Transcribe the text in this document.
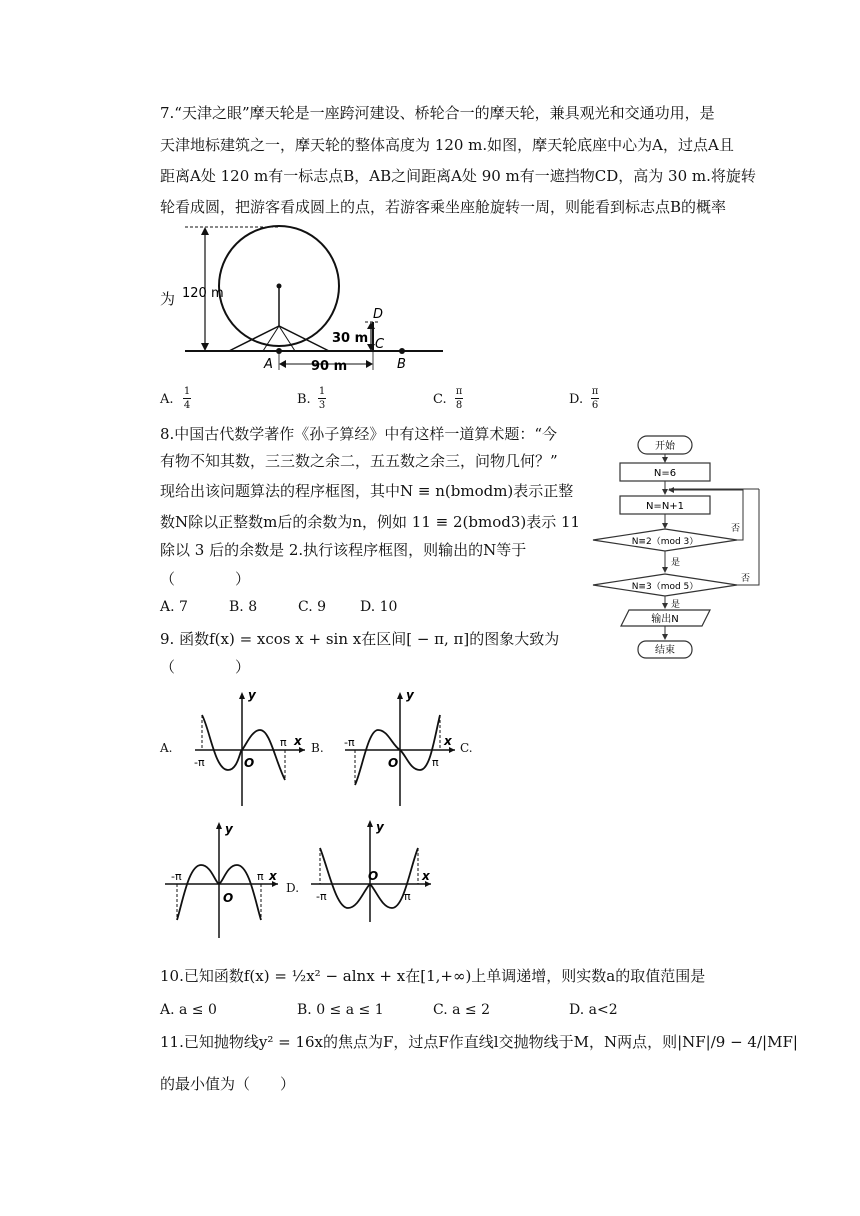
7.“天津之眼”摩天轮是一座跨河建设、桥轮合一的摩天轮，兼具观光和交通功用，是
天津地标建筑之一，摩天轮的整体高度为 120 m.如图，摩天轮底座中心为A，过点A且
距离A处 120 m有一标志点B，AB之间距离A处 90 m有一遮挡物CD，高为 30 m.将旋转
轮看成圆，把游客看成圆上的点，若游客乘坐座舱旋转一周，则能看到标志点B的概率
为 120 m
30 m
90 m
A	B
C
D
A.
1
4	B.
1
3	C.
π
8	D.
π
6
8.中国古代数学著作《孙子算经》中有这样一道算术题：“今
有物不知其数，三三数之余二，五五数之余三，问物几何？”
现给出该问题算法的程序框图，其中N ≡ n(bmodm)表示正整
数N除以正整数m后的余数为n，例如 11 ≡ 2(bmod3)表示 11
除以 3 后的余数是 2.执行该程序框图，则输出的N等于
（　　　　）
A. 7	B. 8	C. 9 D. 10
开始
N=6
N=N+1
N≡2（mod 3）
是
N≡3（mod 5）
是
输出N
结束
否
否
9. 函数f(x) = xcos x + sin x在区间[ − π, π]的图象大致为
（　　　　）
A.
y
x
O
-π
π B.
y
x
O
-π
π
C.
y
x
O
-π	π
D.
y
x
O
-π	π
10.已知函数f(x) = ½x² − alnx + x在[1,+∞)上单调递增，则实数a的取值范围是
A. a ≤ 0	B. 0 ≤ a ≤ 1	C. a ≤ 2	D. a<2
11.已知抛物线y² = 16x的焦点为F，过点F作直线l交抛物线于M，N两点，则|NF|/9 − 4/|MF|
的最小值为（　　）
